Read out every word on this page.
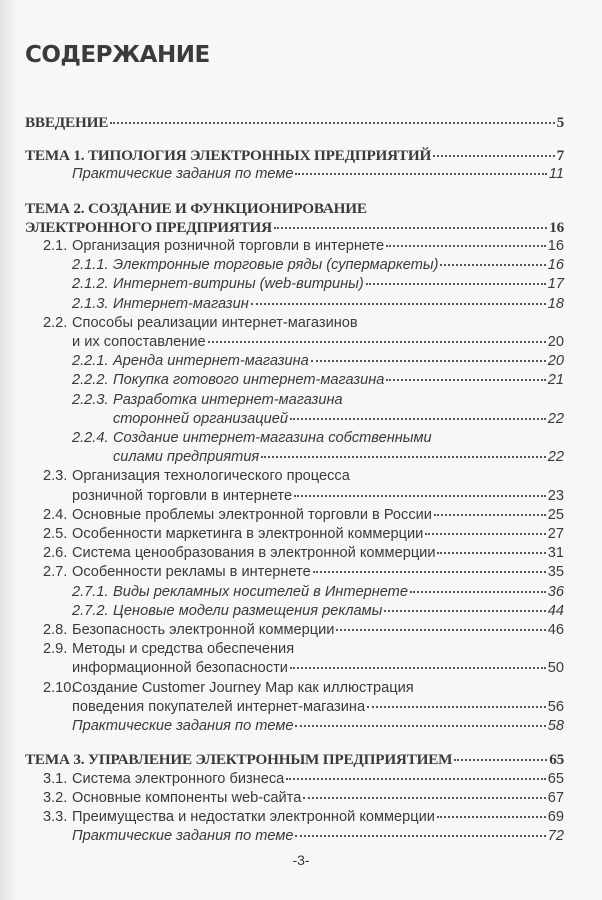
СОДЕРЖАНИЕ
ВВЕДЕНИЕ	5
ТЕМА 1. ТИПОЛОГИЯ ЭЛЕКТРОННЫХ ПРЕДПРИЯТИЙ	7
Практические задания по теме	11
ТЕМА 2. СОЗДАНИЕ И ФУНКЦИОНИРОВАНИЕ
ЭЛЕКТРОННОГО ПРЕДПРИЯТИЯ	16
2.1. Организация розничной торговли в интернете	16
2.1.1. Электронные торговые ряды (супермаркеты)	16
2.1.2. Интернет-витрины (web-витрины)	17
2.1.3. Интернет-магазин	18
2.2. Способы реализации интернет-магазинов
и их сопоставление	20
2.2.1. Аренда интернет-магазина	20
2.2.2. Покупка готового интернет-магазина	21
2.2.3. Разработка интернет-магазина
сторонней организацией	22
2.2.4. Создание интернет-магазина собственными
силами предприятия	22
2.3. Организация технологического процесса
розничной торговли в интернете	23
2.4. Основные проблемы электронной торговли в России	25
2.5. Особенности маркетинга в электронной коммерции	27
2.6. Система ценообразования в электронной коммерции	31
2.7. Особенности рекламы в интернете	35
2.7.1. Виды рекламных носителей в Интернете	36
2.7.2. Ценовые модели размещения рекламы	44
2.8. Безопасность электронной коммерции	46
2.9. Методы и средства обеспечения
информационной безопасности	50
2.10.Создание Customer Journey Map как иллюстрация
поведения покупателей интернет-магазина	56
Практические задания по теме	58
ТЕМА 3. УПРАВЛЕНИЕ ЭЛЕКТРОННЫМ ПРЕДПРИЯТИЕМ	65
3.1. Система электронного бизнеса	65
3.2. Основные компоненты web-сайта	67
3.3. Преимущества и недостатки электронной коммерции	69
Практические задания по теме	72
-3-
